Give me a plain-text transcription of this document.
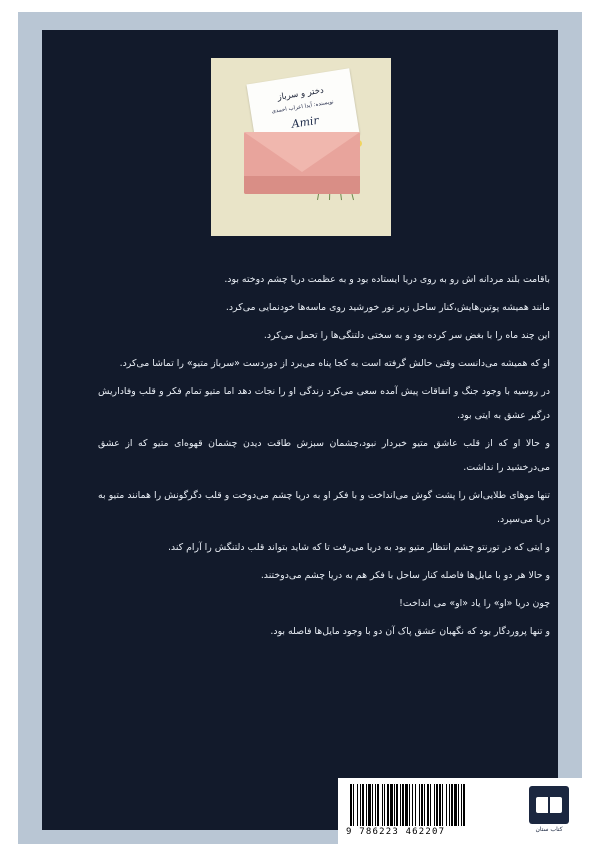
دختر و سرباز
نویسنده: آیدا اعراب احمدی
Amir

باقامت بلند مردانه اش رو به روی دریا ایستاده بود و به عظمت دریا چشم دوخته بود.

مانند همیشه پوتین‌هایش،کنار ساحل زیر نور خورشید روی ماسه‌ها خودنمایی می‌کرد.

این چند ماه را با بغض سر کرده بود و به سختی دلتنگی‌ها را تحمل می‌کرد.

او که همیشه می‌دانست وقتی حالش گرفته است به کجا پناه می‌برد از دوردست «سرباز متیو» را تماشا می‌کرد.

در روسیه با وجود جنگ و اتفاقات پیش آمده سعی می‌کرد زندگی او را نجات دهد اما متیو تمام فکر و قلب وفاداریش درگیر عشق به ایتی بود.

و حالا او که از قلب عاشق متیو خبردار نبود،چشمان سبزش طاقت دیدن چشمان قهوه‌ای متیو که از عشق می‌درخشید را نداشت.

تنها موهای طلایی‌اش را پشت گوش می‌انداخت و با فکر او به دریا چشم می‌دوخت و قلب دگرگونش را همانند متیو به دریا می‌سپرد.

و ایتی که در تورنتو چشم انتظار متیو بود به دریا می‌رفت تا که شاید بتواند قلب دلتنگش را آرام کند.

و حالا هر دو با مایل‌ها فاصله کنار ساحل با فکر هم به دریا چشم می‌دوختند.

چون دریا «او» را یاد «او» می انداخت!

و تنها پروردگار بود که نگهبان عشق پاک آن دو با وجود مایل‌ها فاصله بود.

9 786223 462207	کتاب ستان
